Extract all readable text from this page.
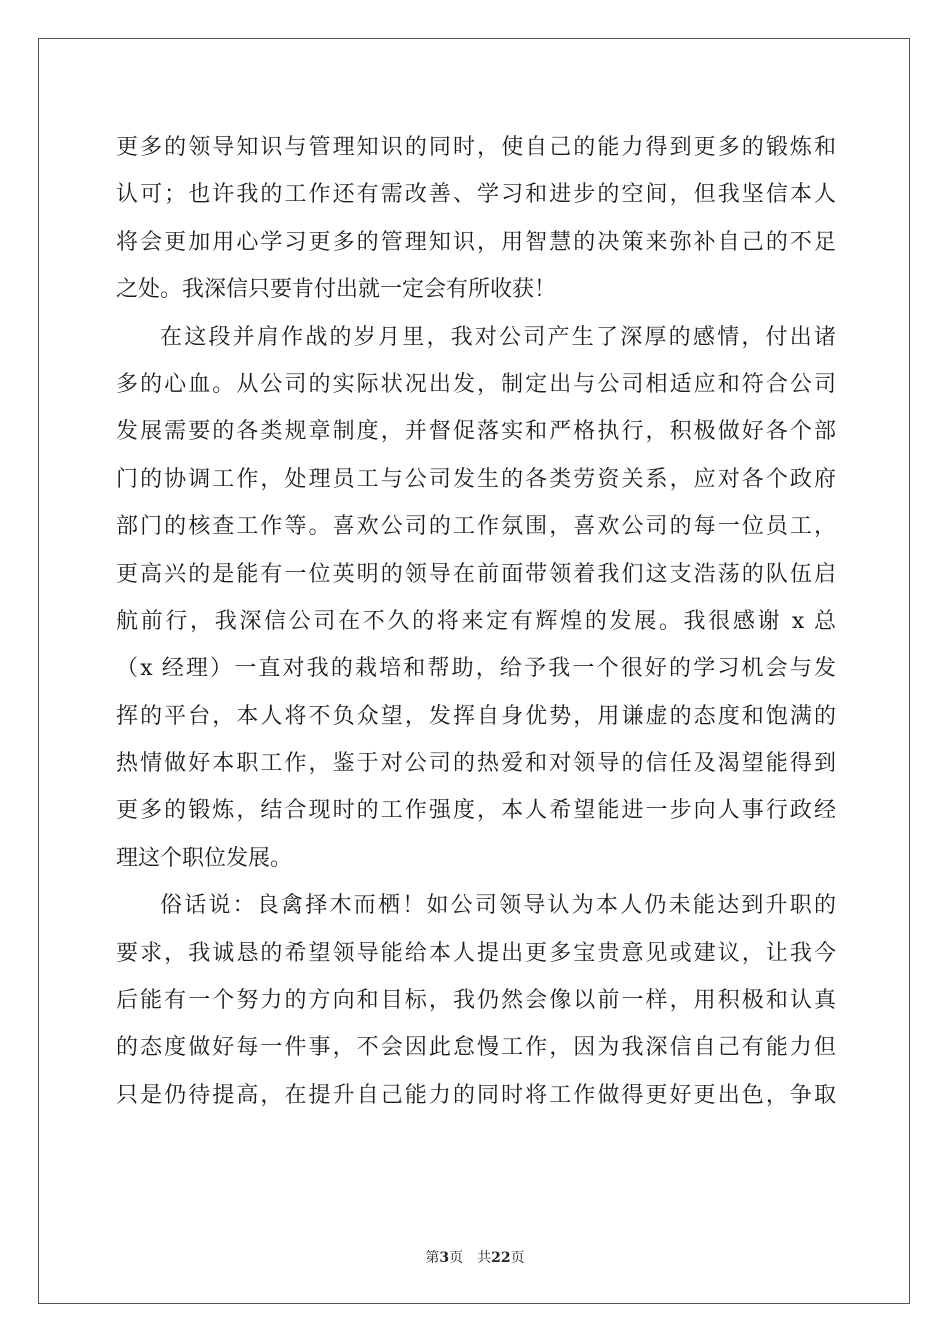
更多的领导知识与管理知识的同时，使自己的能力得到更多的锻炼和
认可；也许我的工作还有需改善、学习和进步的空间，但我坚信本人
将会更加用心学习更多的管理知识，用智慧的决策来弥补自己的不足
之处。我深信只要肯付出就一定会有所收获！
在这段并肩作战的岁月里，我对公司产生了深厚的感情，付出诸
多的心血。从公司的实际状况出发，制定出与公司相适应和符合公司
发展需要的各类规章制度，并督促落实和严格执行，积极做好各个部
门的协调工作，处理员工与公司发生的各类劳资关系，应对各个政府
部门的核查工作等。喜欢公司的工作氛围，喜欢公司的每一位员工，
更高兴的是能有一位英明的领导在前面带领着我们这支浩荡的队伍启
航前行，我深信公司在不久的将来定有辉煌的发展。我很感谢 x 总
（x 经理）一直对我的栽培和帮助，给予我一个很好的学习机会与发
挥的平台，本人将不负众望，发挥自身优势，用谦虚的态度和饱满的
热情做好本职工作，鉴于对公司的热爱和对领导的信任及渴望能得到
更多的锻炼，结合现时的工作强度，本人希望能进一步向人事行政经
理这个职位发展。
俗话说：良禽择木而栖！如公司领导认为本人仍未能达到升职的
要求，我诚恳的希望领导能给本人提出更多宝贵意见或建议，让我今
后能有一个努力的方向和目标，我仍然会像以前一样，用积极和认真
的态度做好每一件事，不会因此怠慢工作，因为我深信自己有能力但
只是仍待提高，在提升自己能力的同时将工作做得更好更出色，争取
第3页 共22页
